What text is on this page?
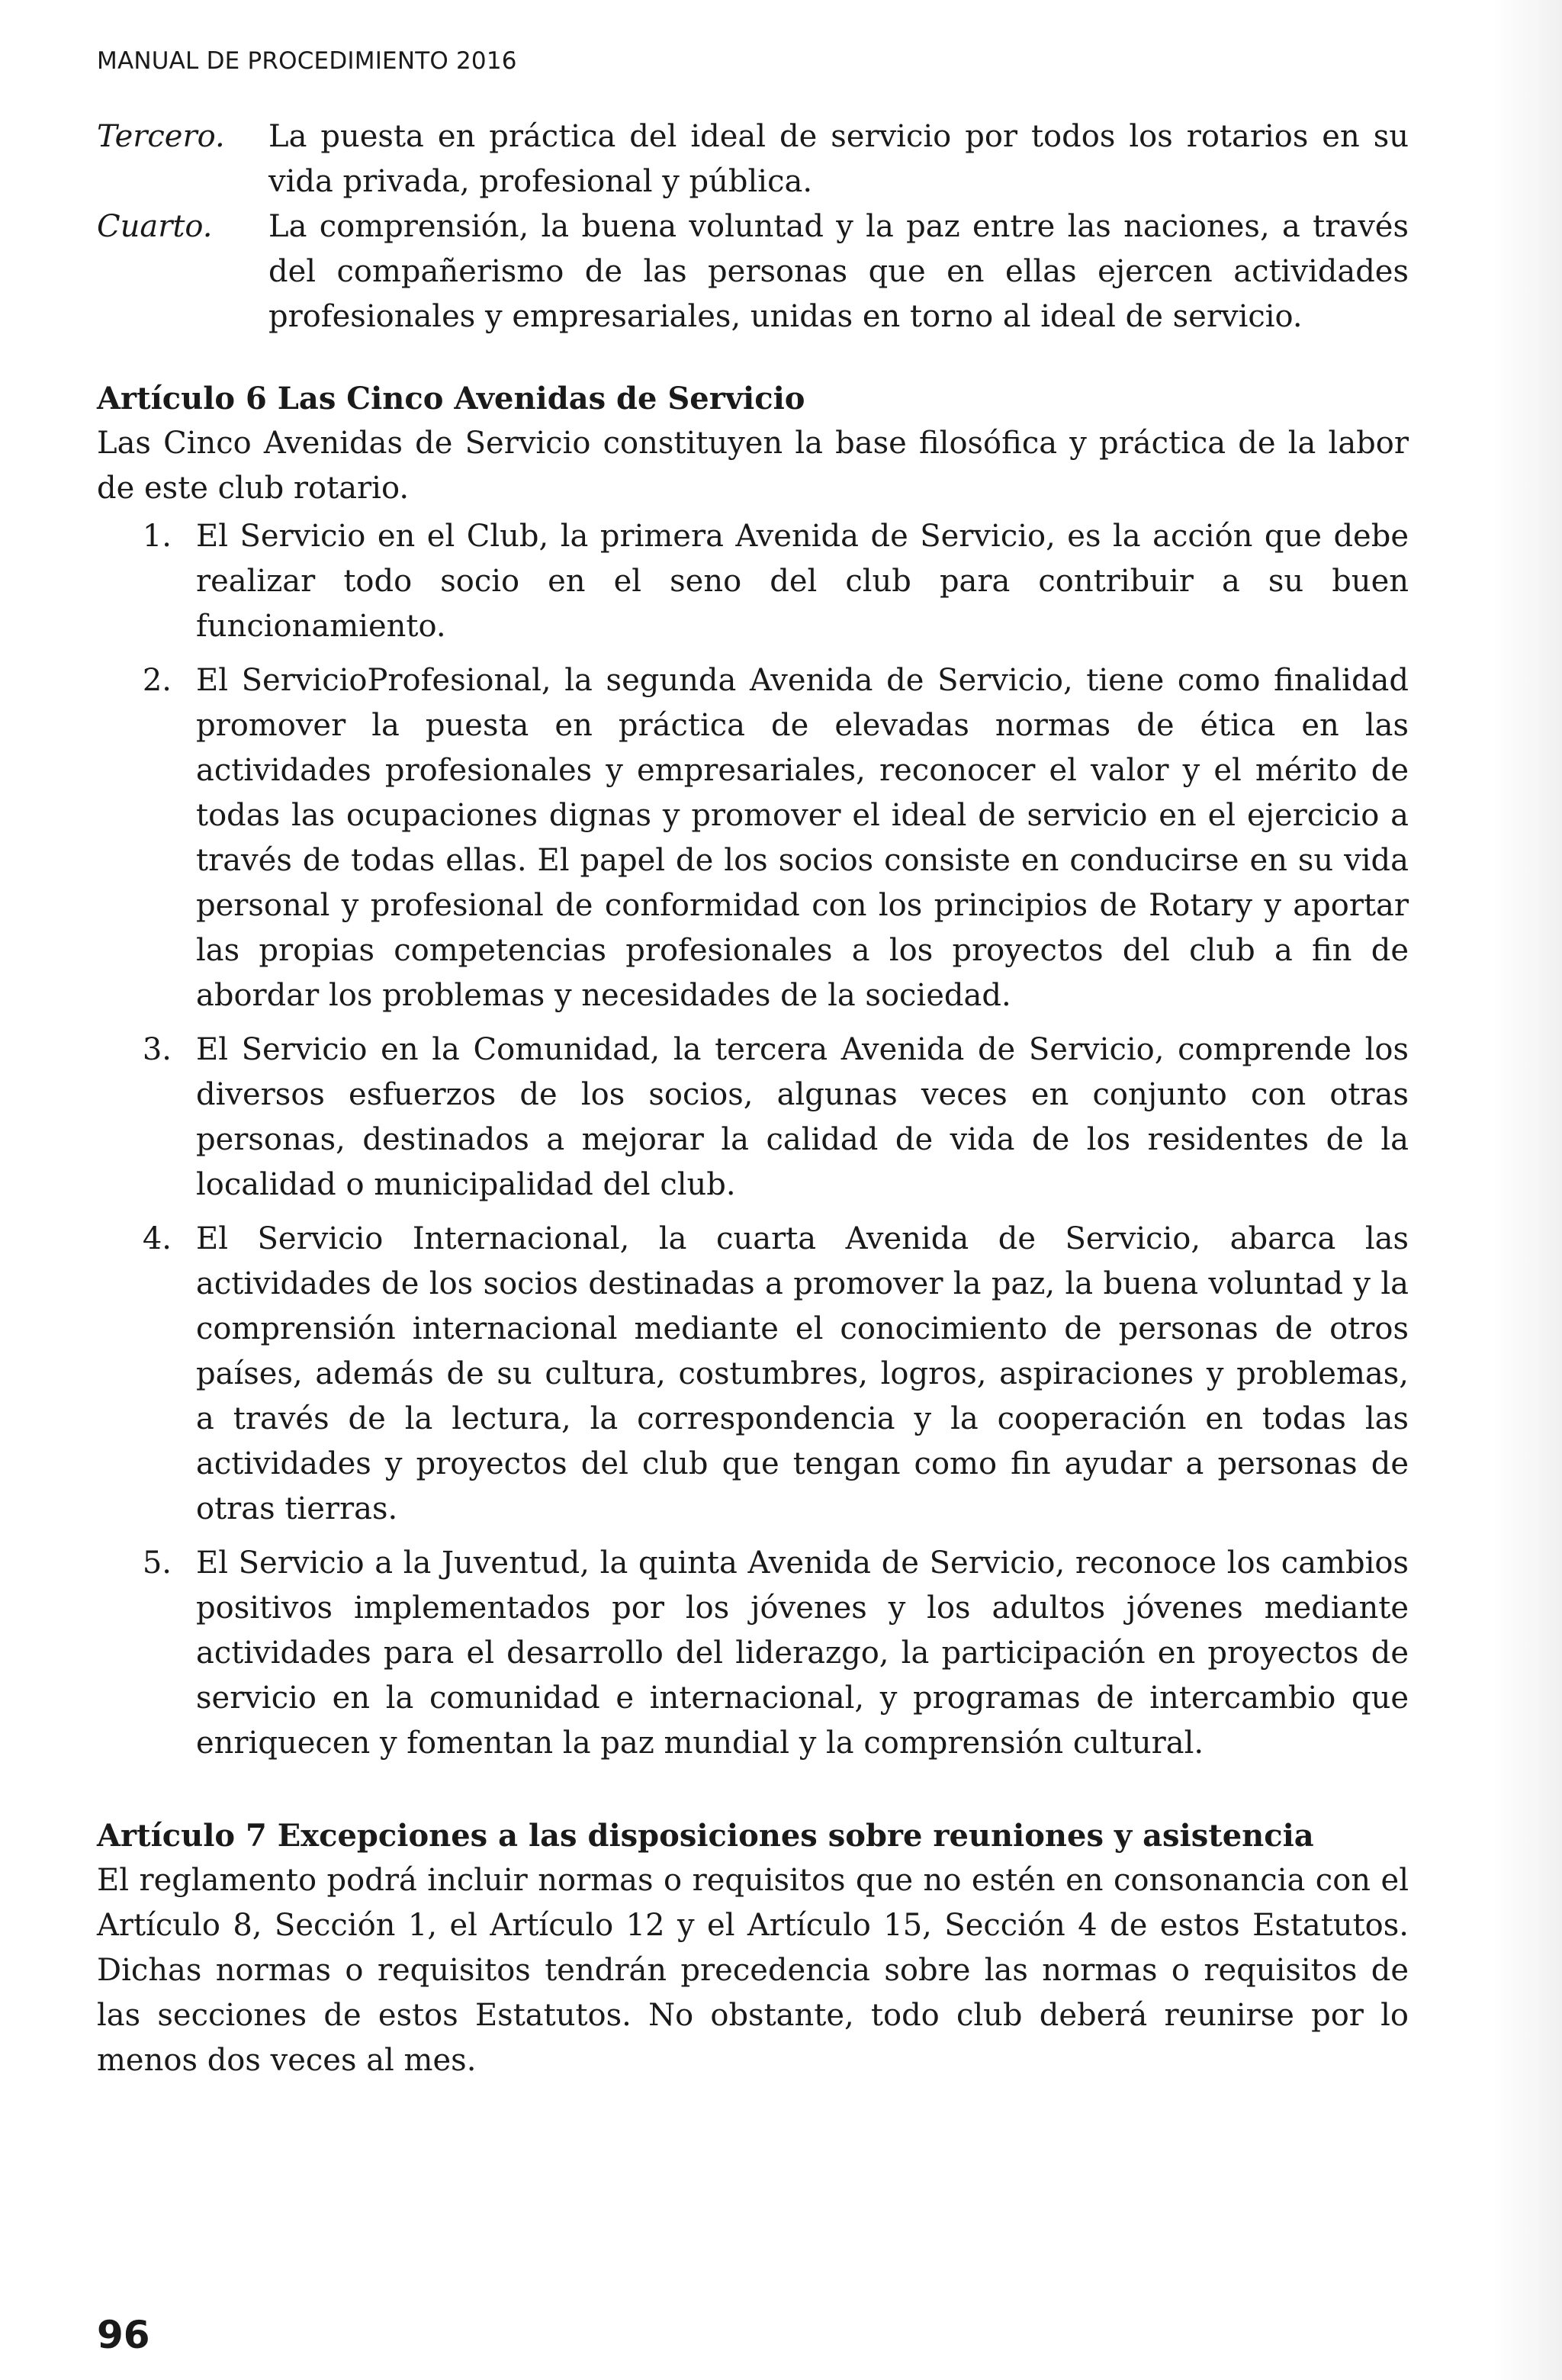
MANUAL DE PROCEDIMIENTO 2016
Tercero.	La puesta en práctica del ideal de servicio por todos los rotarios en su vida privada, profesional y pública.
Cuarto.	La comprensión, la buena voluntad y la paz entre las naciones, a través del compañerismo de las personas que en ellas ejercen actividades profesionales y empresariales, unidas en torno al ideal de servicio.
Artículo 6 Las Cinco Avenidas de Servicio
Las Cinco Avenidas de Servicio constituyen la base filosófica y práctica de la labor de este club rotario.
1. El Servicio en el Club, la primera Avenida de Servicio, es la acción que debe realizar todo socio en el seno del club para contribuir a su buen funcionamiento.
2. El ServicioProfesional, la segunda Avenida de Servicio, tiene como finalidad promover la puesta en práctica de elevadas normas de ética en las actividades profesionales y empresariales, reconocer el valor y el mérito de todas las ocupaciones dignas y promover el ideal de servicio en el ejercicio a través de todas ellas. El papel de los socios consiste en conducirse en su vida personal y profesional de conformidad con los principios de Rotary y aportar las propias competencias profesionales a los proyectos del club a fin de abordar los problemas y necesidades de la sociedad.
3. El Servicio en la Comunidad, la tercera Avenida de Servicio, comprende los diversos esfuerzos de los socios, algunas veces en conjunto con otras personas, destinados a mejorar la calidad de vida de los residentes de la localidad o municipalidad del club.
4. El Servicio Internacional, la cuarta Avenida de Servicio, abarca las actividades de los socios destinadas a promover la paz, la buena voluntad y la comprensión internacional mediante el conocimiento de personas de otros países, además de su cultura, costumbres, logros, aspiraciones y problemas, a través de la lectura, la correspondencia y la cooperación en todas las actividades y proyectos del club que tengan como fin ayudar a personas de otras tierras.
5. El Servicio a la Juventud, la quinta Avenida de Servicio, reconoce los cambios positivos implementados por los jóvenes y los adultos jóvenes mediante actividades para el desarrollo del liderazgo, la participación en proyectos de servicio en la comunidad e internacional, y programas de intercambio que enriquecen y fomentan la paz mundial y la comprensión cultural.
Artículo 7 Excepciones a las disposiciones sobre reuniones y asistencia
El reglamento podrá incluir normas o requisitos que no estén en consonancia con el Artículo 8, Sección 1, el Artículo 12 y el Artículo 15, Sección 4 de estos Estatutos. Dichas normas o requisitos tendrán precedencia sobre las normas o requisitos de las secciones de estos Estatutos. No obstante, todo club deberá reunirse por lo menos dos veces al mes.
96
